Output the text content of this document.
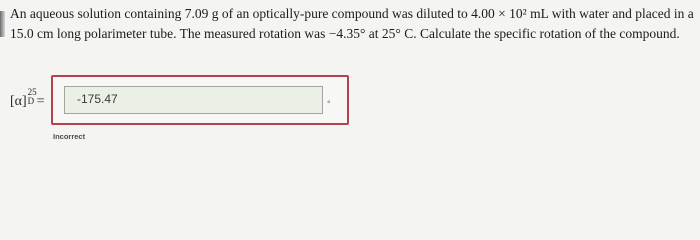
An aqueous solution containing 7.09 g of an optically-pure compound was diluted to 4.00 × 10² mL with water and placed in a
15.0 cm long polarimeter tube. The measured rotation was −4.35° at 25° C. Calculate the specific rotation of the compound.
[α]
25
D =	-175.47	°
Incorrect
